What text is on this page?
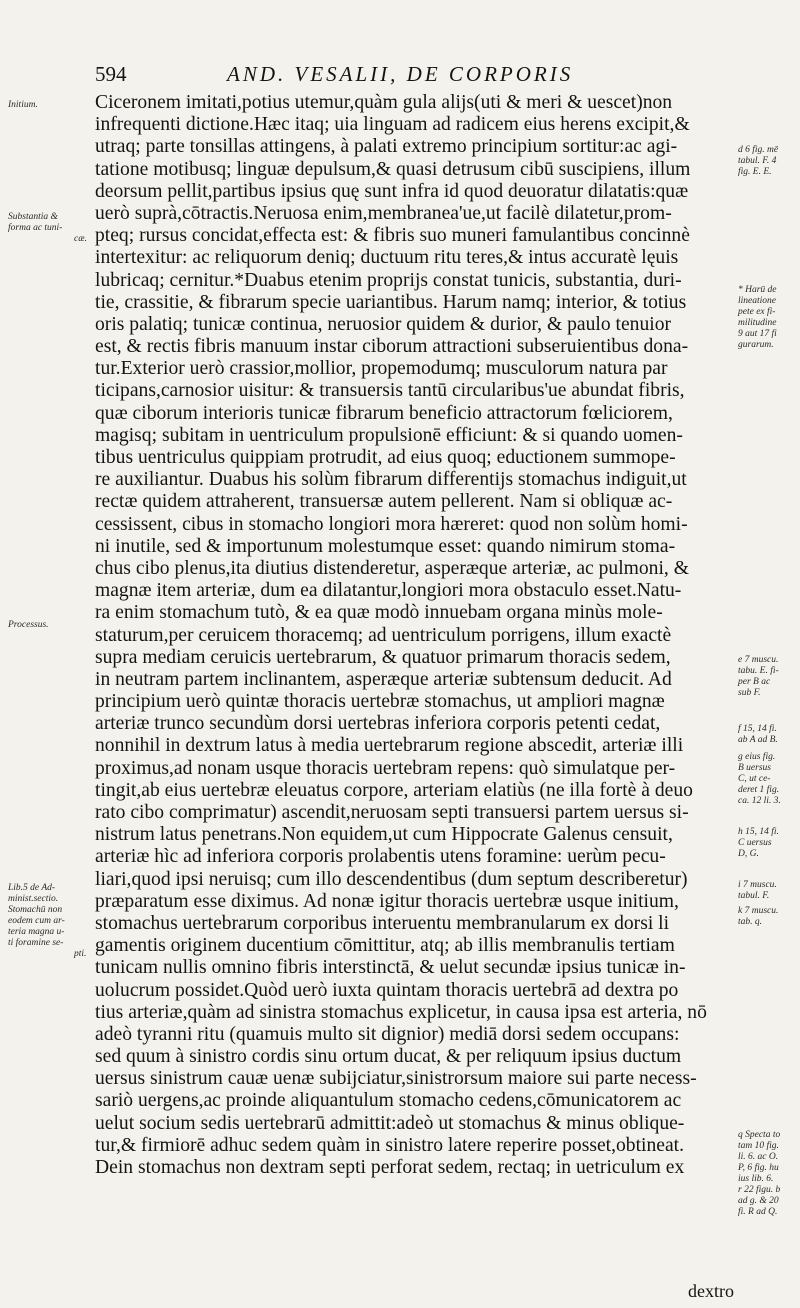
594	AND. VESALII, DE CORPORIS
Ciceronem imitati,potius utemur,quàm gula alijs(uti & meri & uescet)non
infrequenti dictione.Hæc itaq; uia linguam ad radicem eius herens excipit,&
utraq; parte tonsillas attingens, à palati extremo principium sortitur:ac agi-
tatione motibusq; linguæ depulsum,& quasi detrusum cibū suscipiens, illum
deorsum pellit,partibus ipsius quę sunt infra id quod deuoratur dilatatis:quæ
uerò suprà,cōtractis.Neruosa enim,membranea'ue,ut facilè dilatetur,prom-
pteq; rursus concidat,effecta est: & fibris suo muneri famulantibus concinnè
intertexitur: ac reliquorum deniq; ductuum ritu teres,& intus accuratè lęuis
lubricaq; cernitur.*Duabus etenim proprijs constat tunicis, substantia, duri-
tie, crassitie, & fibrarum specie uariantibus. Harum namq; interior, & totius
oris palatiq; tunicæ continua, neruosior quidem & durior, & paulo tenuior
est, & rectis fibris manuum instar ciborum attractioni subseruientibus dona-
tur.Exterior uerò crassior,mollior, propemodumq; musculorum natura par
ticipans,carnosior uisitur: & transuersis tantū circularibus'ue abundat fibris,
quæ ciborum interioris tunicæ fibrarum beneficio attractorum fœliciorem,
magisq; subitam in uentriculum propulsionē efficiunt: & si quando uomen-
tibus uentriculus quippiam protrudit, ad eius quoq; eductionem summope-
re auxiliantur. Duabus his solùm fibrarum differentijs stomachus indiguit,ut
rectæ quidem attraherent, transuersæ autem pellerent. Nam si obliquæ ac-
cessissent, cibus in stomacho longiori mora hæreret: quod non solùm homi-
ni inutile, sed & importunum molestumque esset: quando nimirum stoma-
chus cibo plenus,ita diutius distenderetur, asperæque arteriæ, ac pulmoni, &
magnæ item arteriæ, dum ea dilatantur,longiori mora obstaculo esset.Natu-
ra enim stomachum tutò, & ea quæ modò innuebam organa minùs mole-
staturum,per ceruicem thoracemq; ad uentriculum porrigens, illum exactè
supra mediam ceruicis uertebrarum, & quatuor primarum thoracis sedem,
in neutram partem inclinantem, asperæque arteriæ subtensum deducit. Ad
principium uerò quintæ thoracis uertebræ stomachus, ut ampliori magnæ
arteriæ trunco secundùm dorsi uertebras inferiora corporis petenti cedat,
nonnihil in dextrum latus à media uertebrarum regione abscedit, arteriæ illi
proximus,ad nonam usque thoracis uertebram repens: quò simulatque per-
tingit,ab eius uertebræ eleuatus corpore, arteriam elatiùs (ne illa fortè à deuo
rato cibo comprimatur) ascendit,neruosam septi transuersi partem uersus si-
nistrum latus penetrans.Non equidem,ut cum Hippocrate Galenus censuit,
arteriæ hìc ad inferiora corporis prolabentis utens foramine: uerùm pecu-
liari,quod ipsi neruisq; cum illo descendentibus (dum septum describeretur)
præparatum esse diximus. Ad nonæ igitur thoracis uertebræ usque initium,
stomachus uertebrarum corporibus interuentu membranularum ex dorsi li
gamentis originem ducentium cōmittitur, atq; ab illis membranulis tertiam
tunicam nullis omnino fibris interstinctā, & uelut secundæ ipsius tunicæ in-
uolucrum possidet.Quòd uerò iuxta quintam thoracis uertebrā ad dextra po
tius arteriæ,quàm ad sinistra stomachus explicetur, in causa ipsa est arteria, nō
adeò tyranni ritu (quamuis multo sit dignior) mediā dorsi sedem occupans:
sed quum à sinistro cordis sinu ortum ducat, & per reliquum ipsius ductum
uersus sinistrum cauæ uenæ subijciatur,sinistrorsum maiore sui parte necess-
sariò uergens,ac proinde aliquantulum stomacho cedens,cōmunicatorem ac
uelut socium sedis uertebrarū admittit:adeò ut stomachus & minus oblique-
tur,& firmiorē adhuc sedem quàm in sinistro latere reperire posset,obtineat.
Dein stomachus non dextram septi perforat sedem, rectaq; in uetriculum ex
Initium.
Substantia &
forma ac tuni-
cæ.
Processus.
Lib.5 de Ad-
minist.sectio.
Stomachū non
eodem cum ar-
teria magna u-
ti foramine se-
pti.
d 6 fig. mē
tabul. F. 4
fig. E. E.
* Harū de
lineatione
pete ex fi-
militudine
9 aut 17 fi
gurarum.
e 7 muscu.
tabu. E. fi-
per B ac
sub F.
f 15, 14 fi.
ab A ad B.
g eius fig.
B uersus
C, ut ce-
deret 1 fig.
ca. 12 li. 3.
h 15, 14 fi.
C uersus
D, G.
i 7 muscu.
tabul. F.
k 7 muscu.
tab. q.
q Specta to
tam 10 fig.
li. 6. ac O.
P, 6 fig. hu
ius lib. 6.
r 22 figu. b
ad g. & 20
fi. R ad Q.
dextro
